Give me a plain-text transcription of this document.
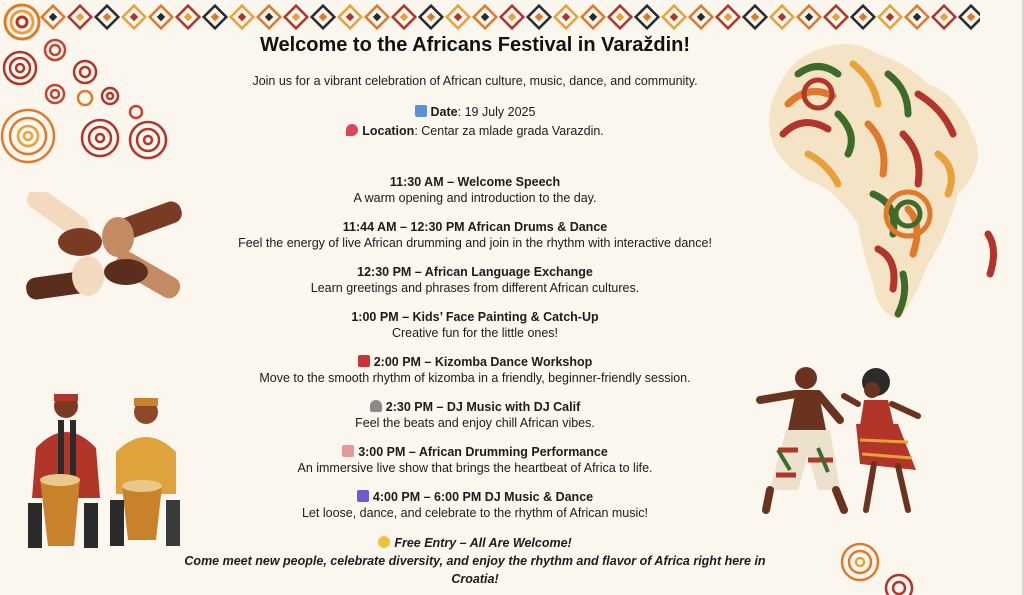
Welcome to the Africans Festival in Varaždin!

Join us for a vibrant celebration of African culture, music, dance, and community.

Date: 19 July 2025
Location: Centar za mlade grada Varazdin.
11:30 AM – Welcome Speech
A warm opening and introduction to the day.
11:44 AM – 12:30 PM African Drums & Dance
Feel the energy of live African drumming and join in the rhythm with interactive dance!
12:30 PM – African Language Exchange
Learn greetings and phrases from different African cultures.
1:00 PM – Kids’ Face Painting & Catch-Up
Creative fun for the little ones!
2:00 PM – Kizomba Dance Workshop
Move to the smooth rhythm of kizomba in a friendly, beginner-friendly session.
2:30 PM – DJ Music with DJ Calif
Feel the beats and enjoy chill African vibes.
3:00 PM – African Drumming Performance
An immersive live show that brings the heartbeat of Africa to life.
4:00 PM – 6:00 PM DJ Music & Dance
Let loose, dance, and celebrate to the rhythm of African music!
Free Entry – All Are Welcome!
Come meet new people, celebrate diversity, and enjoy the rhythm and flavor of Africa right here in Croatia!
